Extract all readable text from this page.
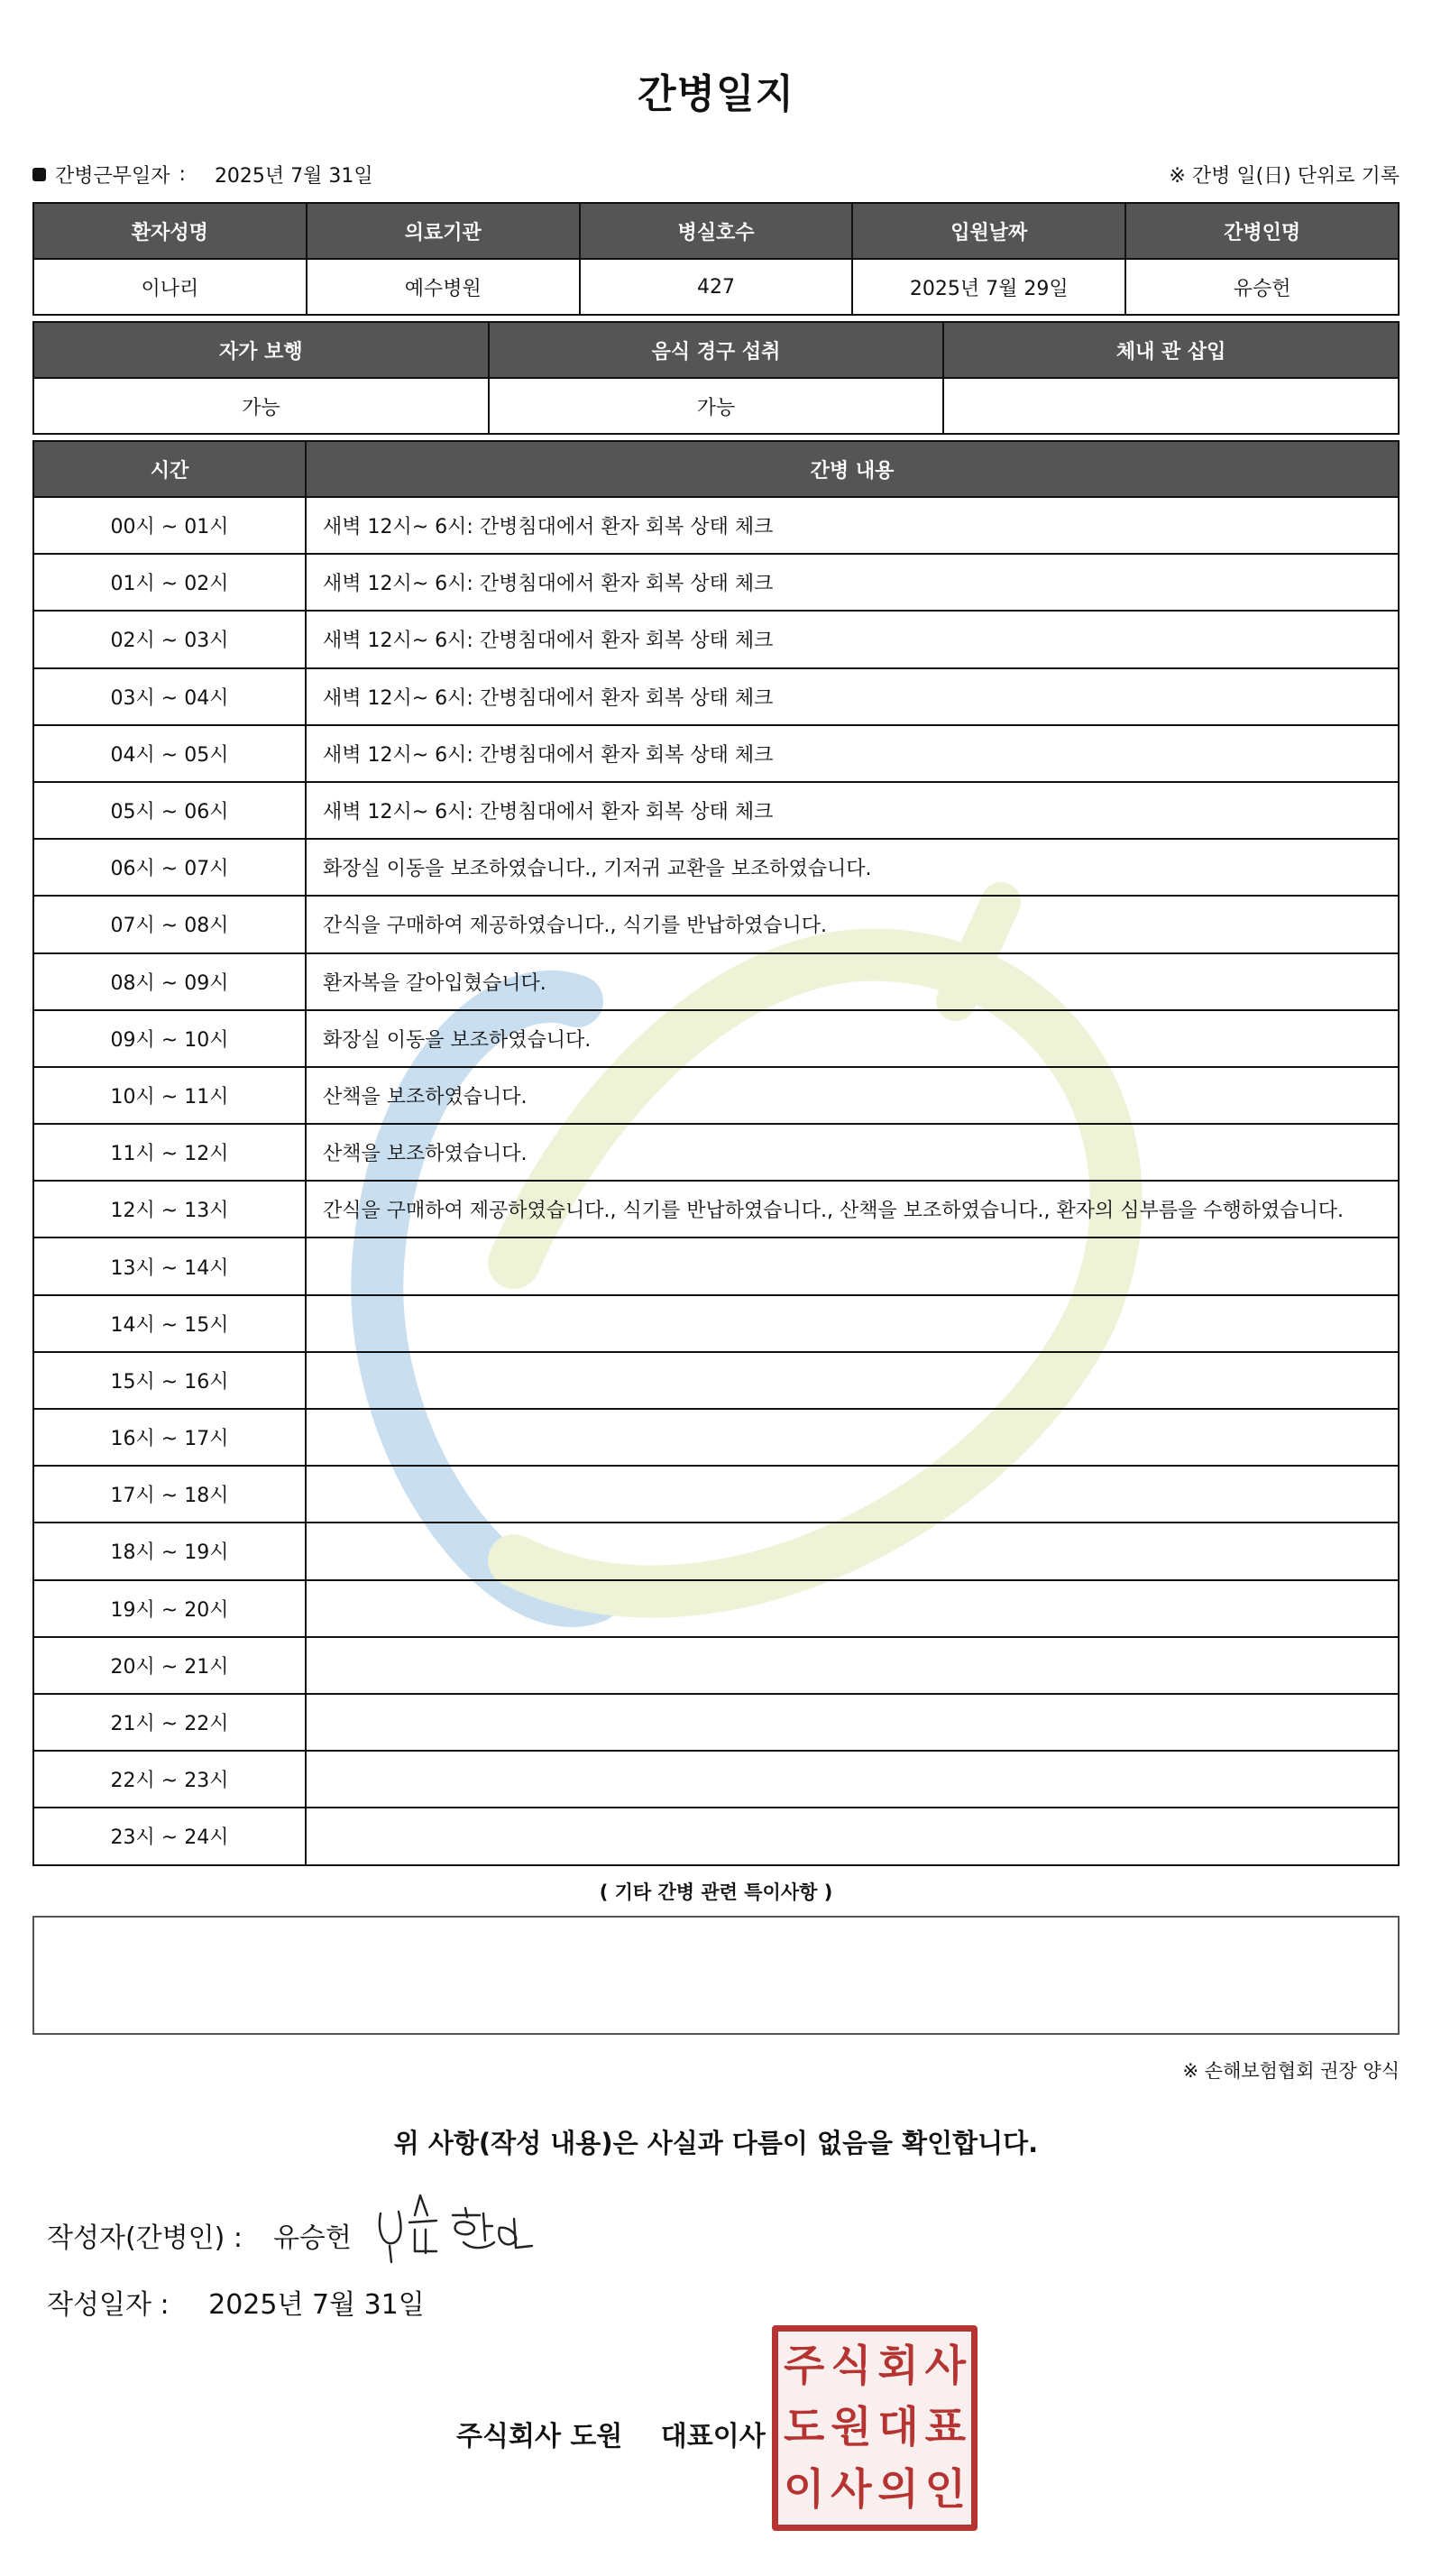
간병일지
간병근무일자 : 2025년 7월 31일	※ 간병 일(日) 단위로 기록
환자성명	의료기관	병실호수	입원날짜	간병인명
이나리	예수병원	427	2025년 7월 29일	유승헌
자가 보행	음식 경구 섭취	체내 관 삽입
가능	가능	
시간	간병 내용
00시 ~ 01시	새벽 12시~ 6시: 간병침대에서 환자 회복 상태 체크
01시 ~ 02시	새벽 12시~ 6시: 간병침대에서 환자 회복 상태 체크
02시 ~ 03시	새벽 12시~ 6시: 간병침대에서 환자 회복 상태 체크
03시 ~ 04시	새벽 12시~ 6시: 간병침대에서 환자 회복 상태 체크
04시 ~ 05시	새벽 12시~ 6시: 간병침대에서 환자 회복 상태 체크
05시 ~ 06시	새벽 12시~ 6시: 간병침대에서 환자 회복 상태 체크
06시 ~ 07시	화장실 이동을 보조하였습니다., 기저귀 교환을 보조하였습니다.
07시 ~ 08시	간식을 구매하여 제공하였습니다., 식기를 반납하였습니다.
08시 ~ 09시	환자복을 갈아입혔습니다.
09시 ~ 10시	화장실 이동을 보조하였습니다.
10시 ~ 11시	산책을 보조하였습니다.
11시 ~ 12시	산책을 보조하였습니다.
12시 ~ 13시	간식을 구매하여 제공하였습니다., 식기를 반납하였습니다., 산책을 보조하였습니다., 환자의 심부름을 수행하였습니다.
13시 ~ 14시	
14시 ~ 15시	
15시 ~ 16시	
16시 ~ 17시	
17시 ~ 18시	
18시 ~ 19시	
19시 ~ 20시	
20시 ~ 21시	
21시 ~ 22시	
22시 ~ 23시	
23시 ~ 24시	
( 기타 간병 관련 특이사항 )
※ 손해보험협회 권장 양식
위 사항(작성 내용)은 사실과 다름이 없음을 확인합니다.
작성자(간병인) : 유승헌
작성일자 : 2025년 7월 31일
주식회사 도원 대표이사
주 식 회 사
도 원 대 표
이 사 의 인
